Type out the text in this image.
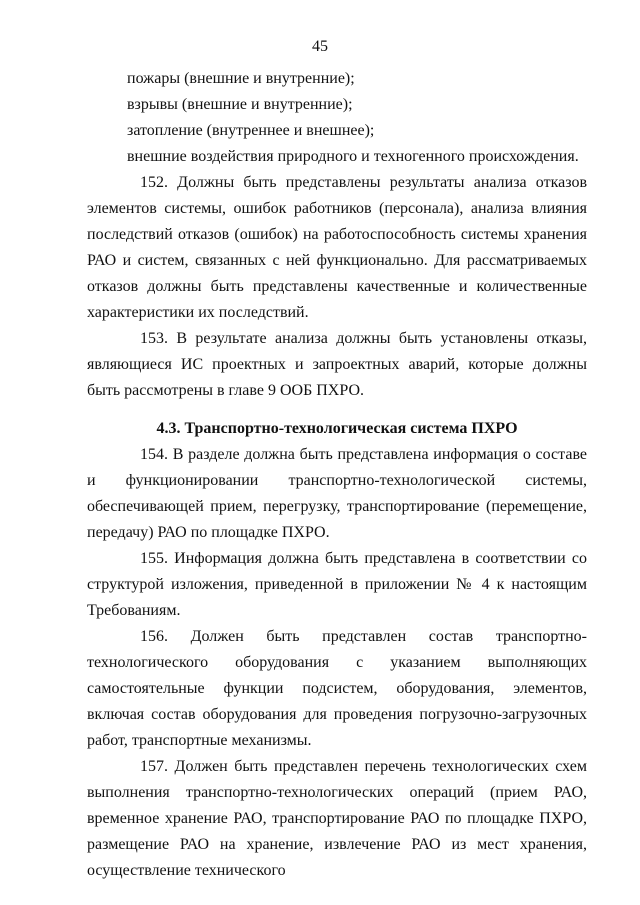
45

пожары (внешние и внутренние);

взрывы (внешние и внутренние);

затопление (внутреннее и внешнее);

внешние воздействия природного и техногенного происхождения.

152. Должны быть представлены результаты анализа отказов элементов системы, ошибок работников (персонала), анализа влияния последствий отказов (ошибок) на работоспособность системы хранения РАО и систем, связанных с ней функционально. Для рассматриваемых отказов должны быть представлены качественные и количественные характеристики их последствий.

153. В результате анализа должны быть установлены отказы, являющиеся ИС проектных и запроектных аварий, которые должны быть рассмотрены в главе 9 ООБ ПХРО.

4.3. Транспортно-технологическая система ПХРО

154. В разделе должна быть представлена информация о составе и функционировании транспортно-технологической системы, обеспечивающей прием, перегрузку, транспортирование (перемещение, передачу) РАО по площадке ПХРО.

155. Информация должна быть представлена в соответствии со структурой изложения, приведенной в приложении № 4 к настоящим Требованиям.

156. Должен быть представлен состав транспортно-технологического оборудования с указанием выполняющих самостоятельные функции подсистем, оборудования, элементов, включая состав оборудования для проведения погрузочно-загрузочных работ, транспортные механизмы.

157. Должен быть представлен перечень технологических схем выполнения транспортно-технологических операций (прием РАО, временное хранение РАО, транспортирование РАО по площадке ПХРО, размещение РАО на хранение, извлечение РАО из мест хранения, осуществление технического
